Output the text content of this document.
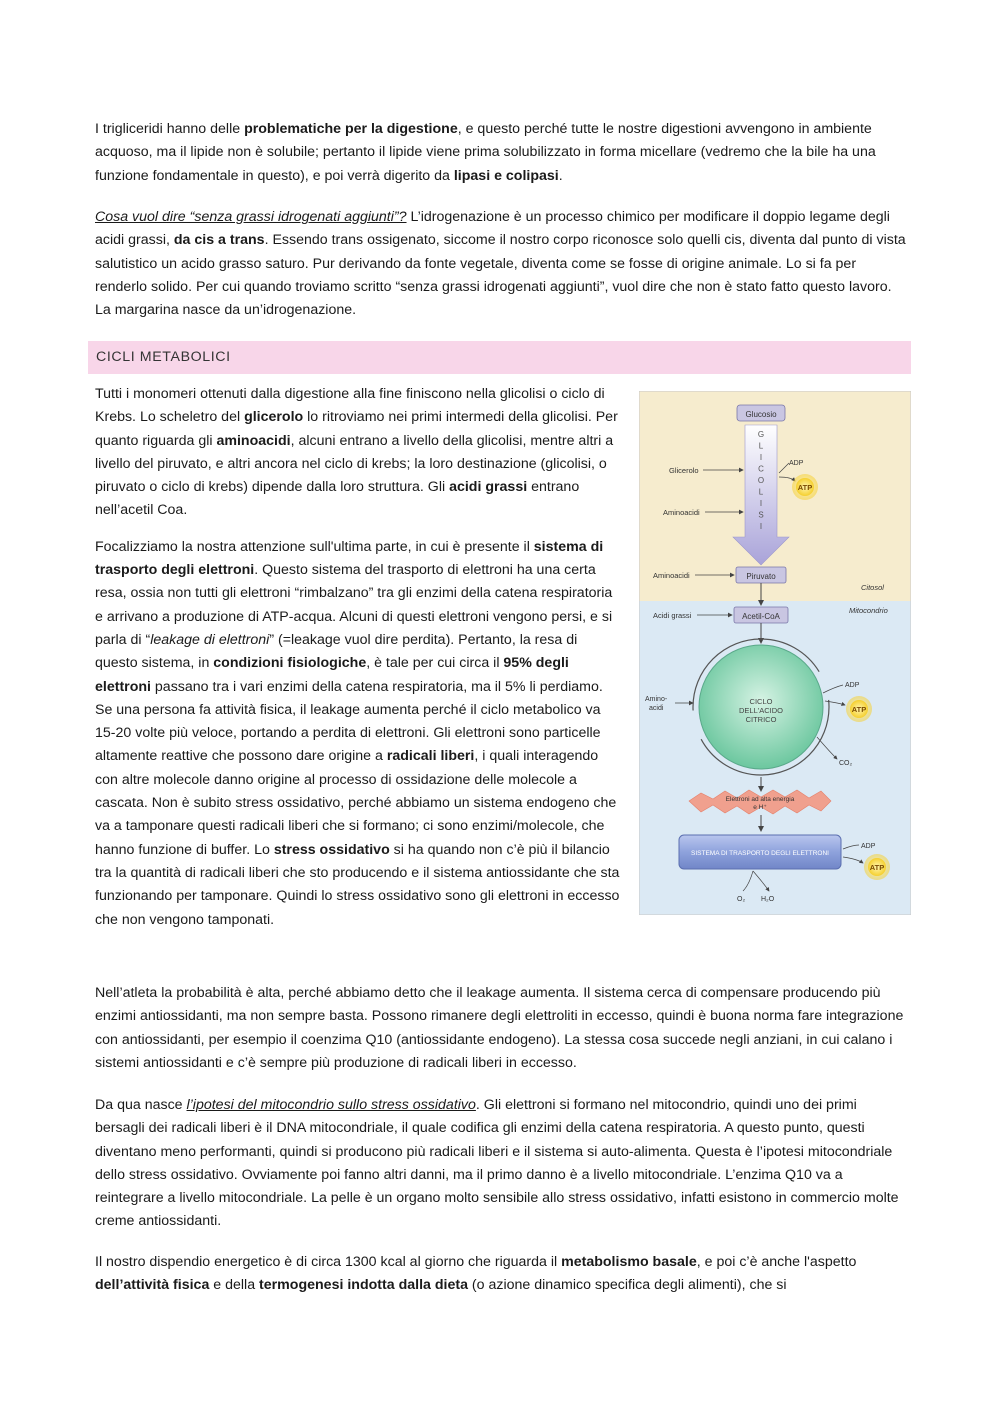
I trigliceridi hanno delle problematiche per la digestione, e questo perché tutte le nostre digestioni avvengono in ambiente acquoso, ma il lipide non è solubile; pertanto il lipide viene prima solubilizzato in forma micellare (vedremo che la bile ha una funzione fondamentale in questo), e poi verrà digerito da lipasi e colipasi.

Cosa vuol dire “senza grassi idrogenati aggiunti”? L’idrogenazione è un processo chimico per modificare il doppio legame degli acidi grassi, da cis a trans. Essendo trans ossigenato, siccome il nostro corpo riconosce solo quelli cis, diventa dal punto di vista salutistico un acido grasso saturo. Pur derivando da fonte vegetale, diventa come se fosse di origine animale. Lo si fa per renderlo solido. Per cui quando troviamo scritto “senza grassi idrogenati aggiunti”, vuol dire che non è stato fatto questo lavoro. La margarina nasce da un’idrogenazione.

CICLI METABOLICI
Glucosio
G
L
I
C
O
L
I
S
I
Glicerolo
ADP
ATP
Aminoacidi
Piruvato
Aminoacidi
Citosol
Mitocondrio
Acetil-CoA
Acidi grassi
CICLO
DELL'ACIDO
CITRICO
Amino-
acidi
ADP
ATP
CO₂
Elettroni ad alta energia
e H⁺
SISTEMA DI TRASPORTO DEGLI ELETTRONI
ADP
ATP
O₂ H₂O

Tutti i monomeri ottenuti dalla digestione alla fine finiscono nella glicolisi o ciclo di Krebs. Lo scheletro del glicerolo lo ritroviamo nei primi intermedi della glicolisi. Per quanto riguarda gli aminoacidi, alcuni entrano a livello della glicolisi, mentre altri a livello del piruvato, e altri ancora nel ciclo di krebs; la loro destinazione (glicolisi, o piruvato o ciclo di krebs) dipende dalla loro struttura. Gli acidi grassi entrano nell’acetil Coa.

Focalizziamo la nostra attenzione sull'ultima parte, in cui è presente il sistema di trasporto degli elettroni. Questo sistema del trasporto di elettroni ha una certa resa, ossia non tutti gli elettroni “rimbalzano” tra gli enzimi della catena respiratoria e arrivano a produzione di ATP-acqua. Alcuni di questi elettroni vengono persi, e si parla di “leakage di elettroni” (=leakage vuol dire perdita). Pertanto, la resa di questo sistema, in condizioni fisiologiche, è tale per cui circa il 95% degli elettroni passano tra i vari enzimi della catena respiratoria, ma il 5% li perdiamo. Se una persona fa attività fisica, il leakage aumenta perché il ciclo metabolico va 15-20 volte più veloce, portando a perdita di elettroni. Gli elettroni sono particelle altamente reattive che possono dare origine a radicali liberi, i quali interagendo con altre molecole danno origine al processo di ossidazione delle molecole a cascata. Non è subito stress ossidativo, perché abbiamo un sistema endogeno che va a tamponare questi radicali liberi che si formano; ci sono enzimi/molecole, che hanno funzione di buffer. Lo stress ossidativo si ha quando non c’è più il bilancio tra la quantità di radicali liberi che sto producendo e il sistema antiossidante che sta funzionando per tamponare. Quindi lo stress ossidativo sono gli elettroni in eccesso che non vengono tamponati.

Nell’atleta la probabilità è alta, perché abbiamo detto che il leakage aumenta. Il sistema cerca di compensare producendo più enzimi antiossidanti, ma non sempre basta. Possono rimanere degli elettroliti in eccesso, quindi è buona norma fare integrazione con antiossidanti, per esempio il coenzima Q10 (antiossidante endogeno). La stessa cosa succede negli anziani, in cui calano i sistemi antiossidanti e c’è sempre più produzione di radicali liberi in eccesso.

Da qua nasce l’ipotesi del mitocondrio sullo stress ossidativo. Gli elettroni si formano nel mitocondrio, quindi uno dei primi bersagli dei radicali liberi è il DNA mitocondriale, il quale codifica gli enzimi della catena respiratoria. A questo punto, questi diventano meno performanti, quindi si producono più radicali liberi e il sistema si auto-alimenta. Questa è l’ipotesi mitocondriale dello stress ossidativo. Ovviamente poi fanno altri danni, ma il primo danno è a livello mitocondriale. L’enzima Q10 va a reintegrare a livello mitocondriale. La pelle è un organo molto sensibile allo stress ossidativo, infatti esistono in commercio molte creme antiossidanti.

Il nostro dispendio energetico è di circa 1300 kcal al giorno che riguarda il metabolismo basale, e poi c’è anche l'aspetto dell’attività fisica e della termogenesi indotta dalla dieta (o azione dinamico specifica degli alimenti), che si
